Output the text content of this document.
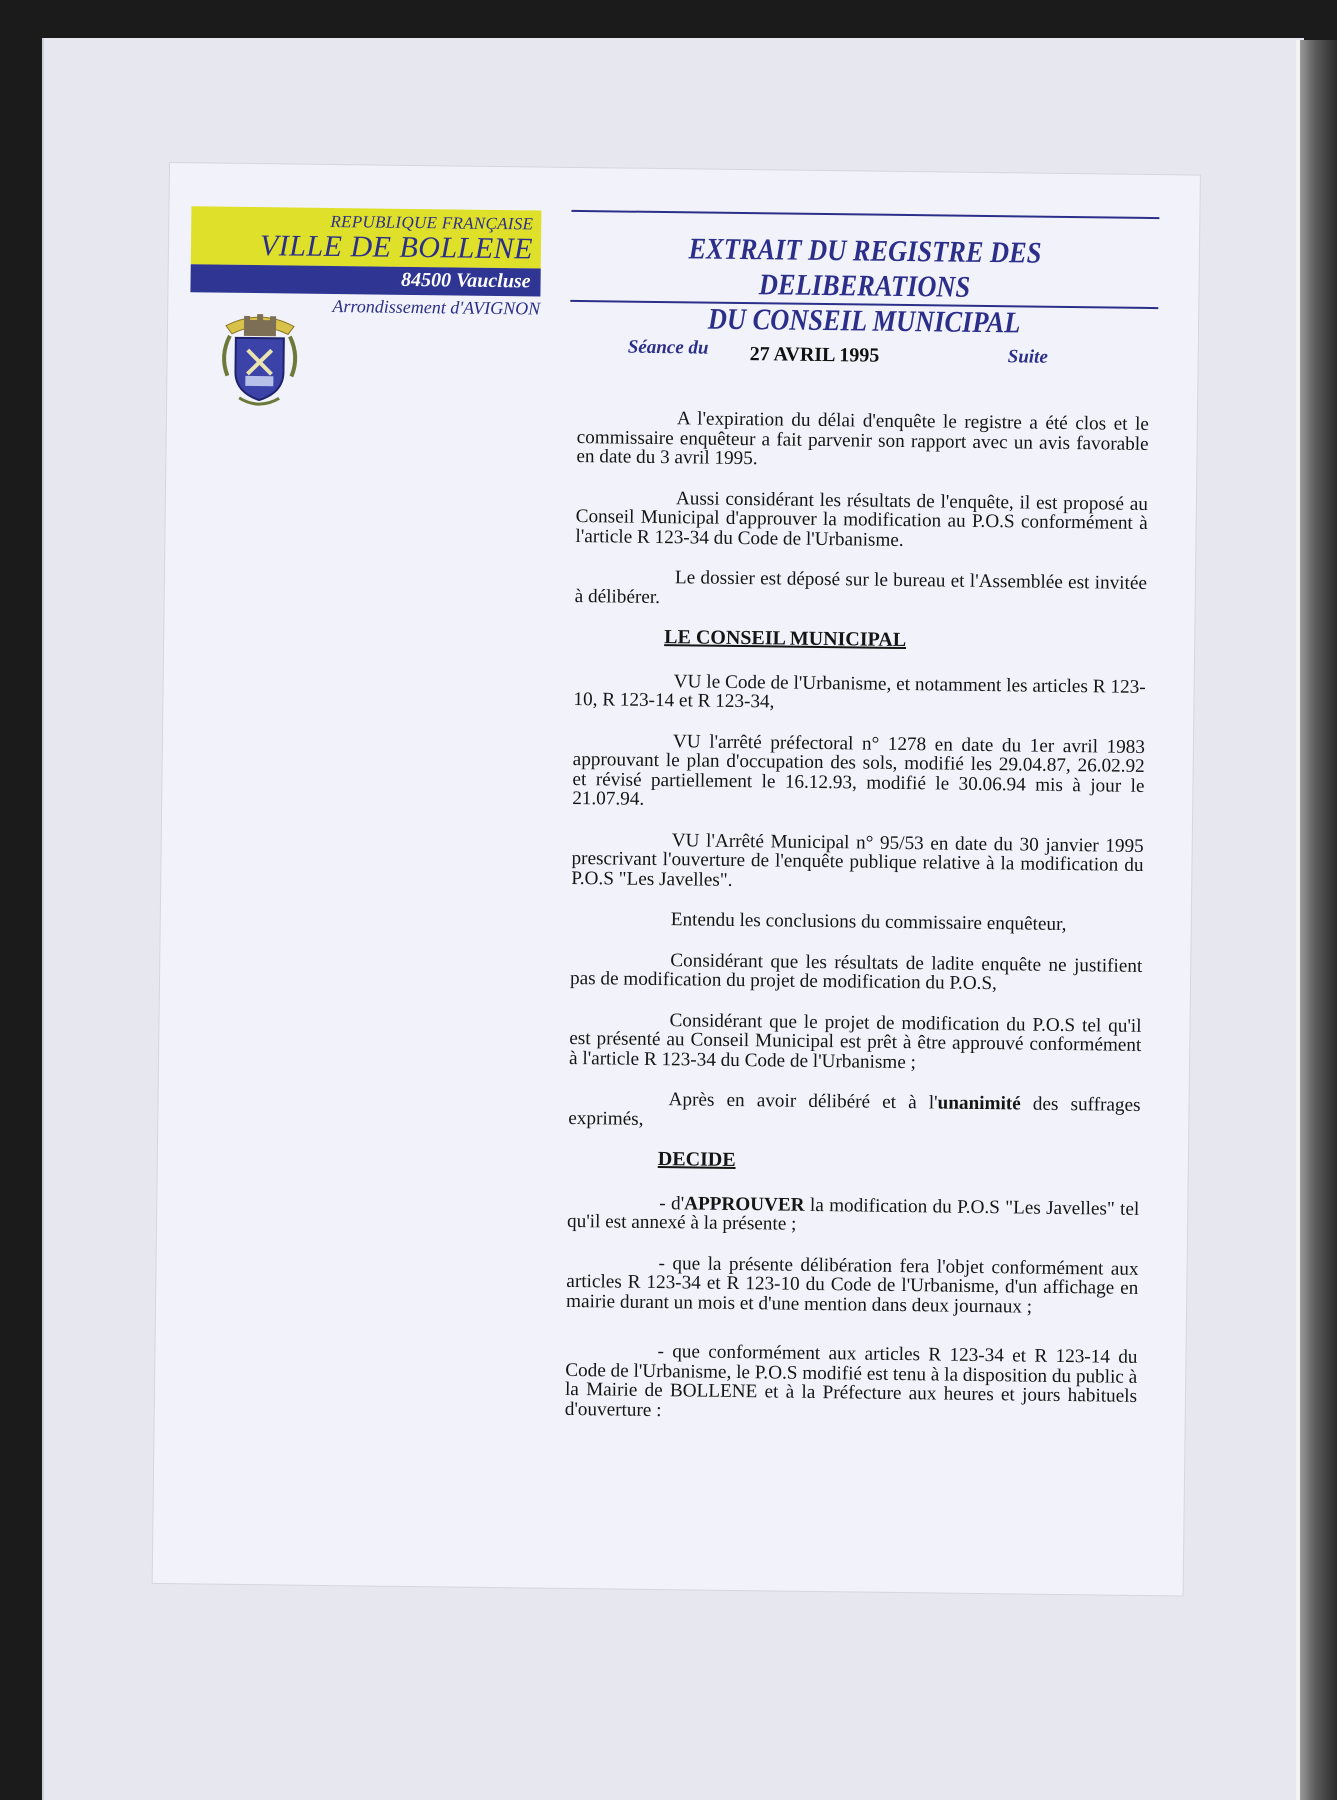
REPUBLIQUE FRANÇAISE
VILLE DE BOLLENE
84500 Vaucluse
Arrondissement d'AVIGNON
EXTRAIT DU REGISTRE DES DELIBERATIONS
DU CONSEIL MUNICIPAL
Séance du 27 AVRIL 1995	Suite

A l'expiration du délai d'enquête le registre a été clos et le commissaire enquêteur a fait parvenir son rapport avec un avis favorable en date du 3 avril 1995.

Aussi considérant les résultats de l'enquête, il est proposé au Conseil Municipal d'approuver la modification au P.O.S conformément à l'article R 123-34 du Code de l'Urbanisme.

Le dossier est déposé sur le bureau et l'Assemblée est invitée à délibérer.

LE CONSEIL MUNICIPAL

VU le Code de l'Urbanisme, et notamment les articles R 123-10, R 123-14 et R 123-34,

VU l'arrêté préfectoral n° 1278 en date du 1er avril 1983 approuvant le plan d'occupation des sols, modifié les 29.04.87, 26.02.92 et révisé partiellement le 16.12.93, modifié le 30.06.94 mis à jour le 21.07.94.

VU l'Arrêté Municipal n° 95/53 en date du 30 janvier 1995 prescrivant l'ouverture de l'enquête publique relative à la modification du P.O.S "Les Javelles".

Entendu les conclusions du commissaire enquêteur,

Considérant que les résultats de ladite enquête ne justifient pas de modification du projet de modification du P.O.S,

Considérant que le projet de modification du P.O.S tel qu'il est présenté au Conseil Municipal est prêt à être approuvé conformément à l'article R 123-34 du Code de l'Urbanisme ;

Après en avoir délibéré et à l'unanimité des suffrages exprimés,

DECIDE

- d'APPROUVER la modification du P.O.S "Les Javelles" tel qu'il est annexé à la présente ;

- que la présente délibération fera l'objet conformément aux articles R 123-34 et R 123-10 du Code de l'Urbanisme, d'un affichage en mairie durant un mois et d'une mention dans deux journaux ;

- que conformément aux articles R 123-34 et R 123-14 du Code de l'Urbanisme, le P.O.S modifié est tenu à la disposition du public à la Mairie de BOLLENE et à la Préfecture aux heures et jours habituels d'ouverture :
